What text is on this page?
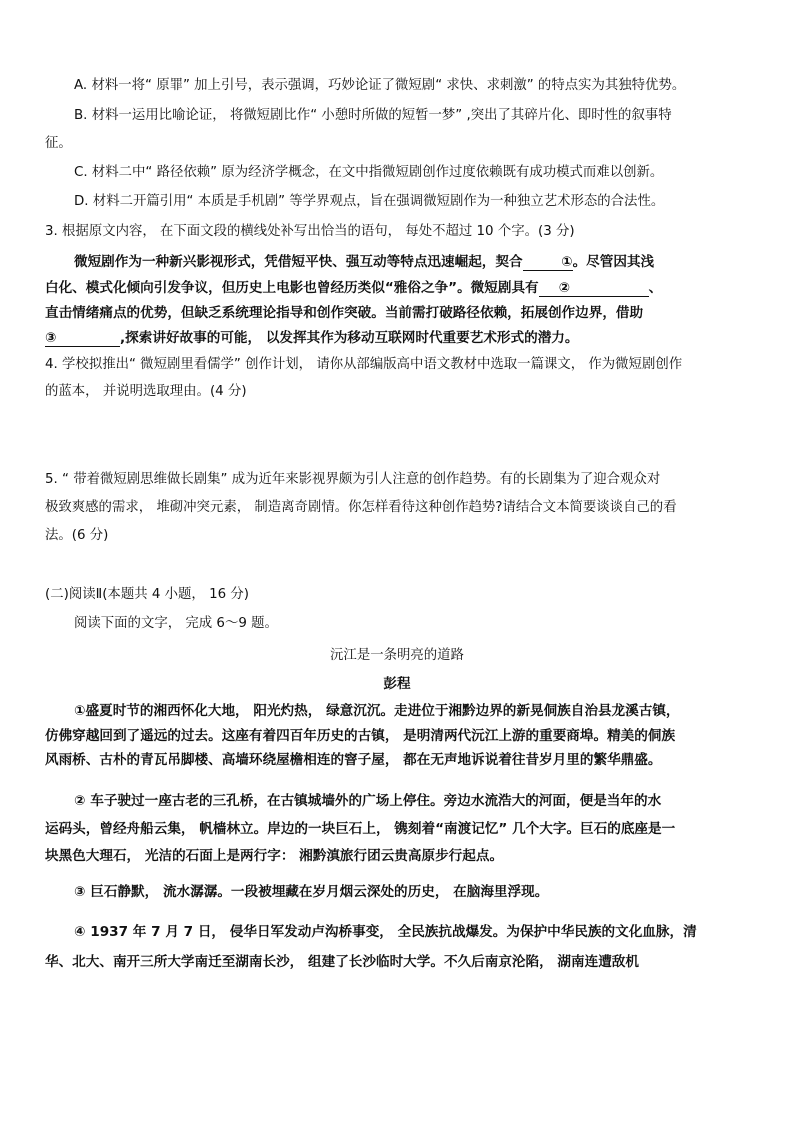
A. 材料一将“ 原罪” 加上引号，表示强调，巧妙论证了微短剧“ 求快、求刺激” 的特点实为其独特优势。
B. 材料一运用比喻论证， 将微短剧比作“ 小憩时所做的短暂一梦” ,突出了其碎片化、即时性的叙事特
征。
C. 材料二中“ 路径依赖” 原为经济学概念，在文中指微短剧创作过度依赖既有成功模式而难以创新。
D. 材料二开篇引用“ 本质是手机剧” 等学界观点，旨在强调微短剧作为一种独立艺术形态的合法性。
3. 根据原文内容， 在下面文段的横线处补写出恰当的语句， 每处不超过 10 个字。(3 分)
微短剧作为一种新兴影视形式，凭借短平快、强互动等特点迅速崛起，契合	①。尽管因其浅
白化、模式化倾向引发争议，但历史上电影也曾经历类似“雅俗之争”。微短剧具有 ②	、
直击情绪痛点的优势，但缺乏系统理论指导和创作突破。当前需打破路径依赖，拓展创作边界，借助
③	,探索讲好故事的可能， 以发挥其作为移动互联网时代重要艺术形式的潜力。
4. 学校拟推出“ 微短剧里看儒学” 创作计划， 请你从部编版高中语文教材中选取一篇课文， 作为微短剧创作
的蓝本， 并说明选取理由。(4 分)
5. “ 带着微短剧思维做长剧集” 成为近年来影视界颇为引人注意的创作趋势。有的长剧集为了迎合观众对
极致爽感的需求， 堆砌冲突元素， 制造离奇剧情。你怎样看待这种创作趋势?请结合文本简要谈谈自己的看
法。(6 分)
(二)阅读Ⅱ(本题共 4 小题， 16 分)
阅读下面的文字， 完成 6～9 题。
沅江是一条明亮的道路
彭程
①盛夏时节的湘西怀化大地， 阳光灼热， 绿意沉沉。走进位于湘黔边界的新晃侗族自治县龙溪古镇，
仿佛穿越回到了遥远的过去。这座有着四百年历史的古镇， 是明清两代沅江上游的重要商埠。精美的侗族
风雨桥、古朴的青瓦吊脚楼、高墙环绕屋檐相连的窨子屋， 都在无声地诉说着往昔岁月里的繁华鼎盛。
② 车子驶过一座古老的三孔桥，在古镇城墙外的广场上停住。旁边水流浩大的河面，便是当年的水
运码头，曾经舟船云集， 帆樯林立。岸边的一块巨石上， 镌刻着“南渡记忆” 几个大字。巨石的底座是一
块黑色大理石， 光洁的石面上是两行字： 湘黔滇旅行团云贵高原步行起点。
③ 巨石静默， 流水潺潺。一段被埋藏在岁月烟云深处的历史， 在脑海里浮现。
④ 1937 年 7 月 7 日， 侵华日军发动卢沟桥事变， 全民族抗战爆发。为保护中华民族的文化血脉，清
华、北大、南开三所大学南迁至湖南长沙， 组建了长沙临时大学。不久后南京沦陷， 湖南连遭敌机
